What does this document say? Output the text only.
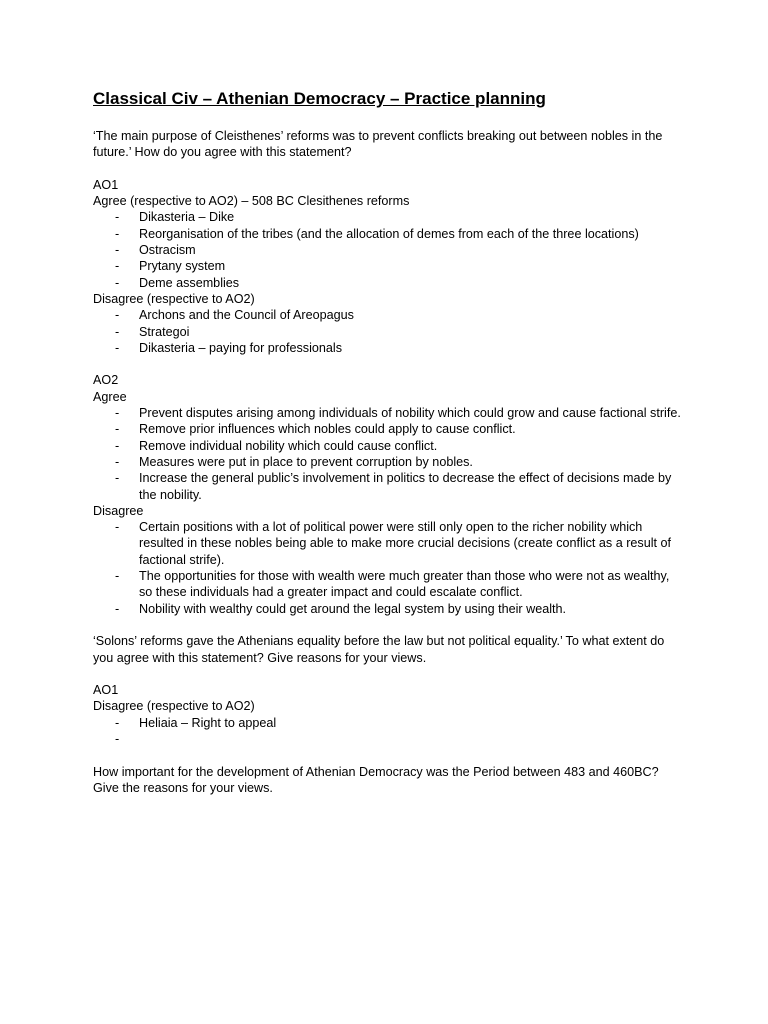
Classical Civ – Athenian Democracy – Practice planning

‘The main purpose of Cleisthenes’ reforms was to prevent conflicts breaking out between nobles in the future.’ How do you agree with this statement?

AO1

Agree (respective to AO2) – 508 BC Clesithenes reforms

-	Dikasteria – Dike
-	Reorganisation of the tribes (and the allocation of demes from each of the three locations)
-	Ostracism
-	Prytany system
-	Deme assemblies

Disagree (respective to AO2)

-	Archons and the Council of Areopagus
-	Strategoi
-	Dikasteria – paying for professionals

AO2

Agree

-	Prevent disputes arising among individuals of nobility which could grow and cause factional strife.
-	Remove prior influences which nobles could apply to cause conflict.
-	Remove individual nobility which could cause conflict.
-	Measures were put in place to prevent corruption by nobles.
-	Increase the general public’s involvement in politics to decrease the effect of decisions made by the nobility.

Disagree

-	Certain positions with a lot of political power were still only open to the richer nobility which resulted in these nobles being able to make more crucial decisions (create conflict as a result of factional strife).
-	The opportunities for those with wealth were much greater than those who were not as wealthy, so these individuals had a greater impact and could escalate conflict.
-	Nobility with wealthy could get around the legal system by using their wealth.

‘Solons’ reforms gave the Athenians equality before the law but not political equality.’ To what extent do you agree with this statement? Give reasons for your views.

AO1

Disagree (respective to AO2)

-	Heliaia – Right to appeal
-

How important for the development of Athenian Democracy was the Period between 483 and 460BC? Give the reasons for your views.
